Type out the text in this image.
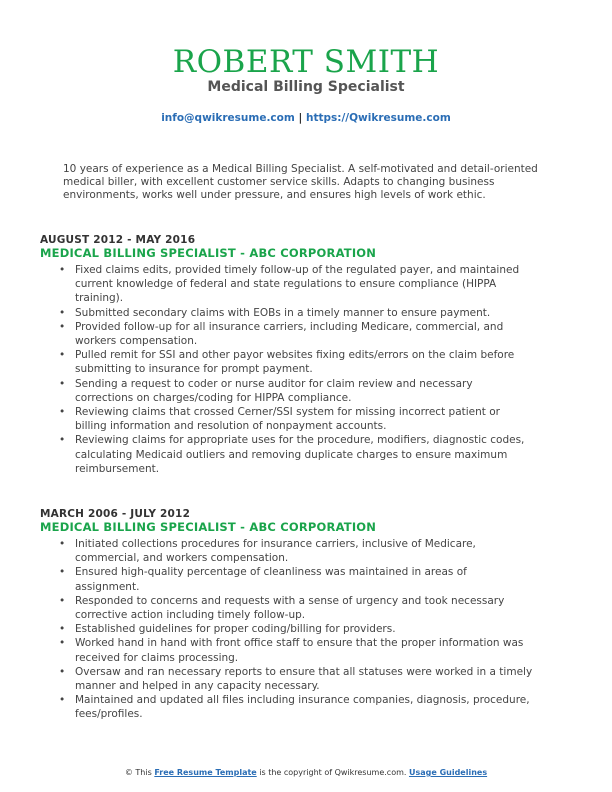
ROBERT SMITH
Medical Billing Specialist
info@qwikresume.com | https://Qwikresume.com
10 years of experience as a Medical Billing Specialist. A self-motivated and detail-oriented medical biller, with excellent customer service skills. Adapts to changing business environments, works well under pressure, and ensures high levels of work ethic.
AUGUST 2012 - MAY 2016
MEDICAL BILLING SPECIALIST - ABC CORPORATION
• Fixed claims edits, provided timely follow-up of the regulated payer, and maintained current knowledge of federal and state regulations to ensure compliance (HIPPA training).
• Submitted secondary claims with EOBs in a timely manner to ensure payment.
• Provided follow-up for all insurance carriers, including Medicare, commercial, and workers compensation.
• Pulled remit for SSI and other payor websites fixing edits/errors on the claim before submitting to insurance for prompt payment.
• Sending a request to coder or nurse auditor for claim review and necessary corrections on charges/coding for HIPPA compliance.
• Reviewing claims that crossed Cerner/SSI system for missing incorrect patient or billing information and resolution of nonpayment accounts.
• Reviewing claims for appropriate uses for the procedure, modifiers, diagnostic codes, calculating Medicaid outliers and removing duplicate charges to ensure maximum reimbursement.
MARCH 2006 - JULY 2012
MEDICAL BILLING SPECIALIST - ABC CORPORATION
• Initiated collections procedures for insurance carriers, inclusive of Medicare, commercial, and workers compensation.
• Ensured high-quality percentage of cleanliness was maintained in areas of assignment.
• Responded to concerns and requests with a sense of urgency and took necessary corrective action including timely follow-up.
• Established guidelines for proper coding/billing for providers.
• Worked hand in hand with front office staff to ensure that the proper information was received for claims processing.
• Oversaw and ran necessary reports to ensure that all statuses were worked in a timely manner and helped in any capacity necessary.
• Maintained and updated all files including insurance companies, diagnosis, procedure, fees/profiles.
© This Free Resume Template is the copyright of Qwikresume.com. Usage Guidelines
